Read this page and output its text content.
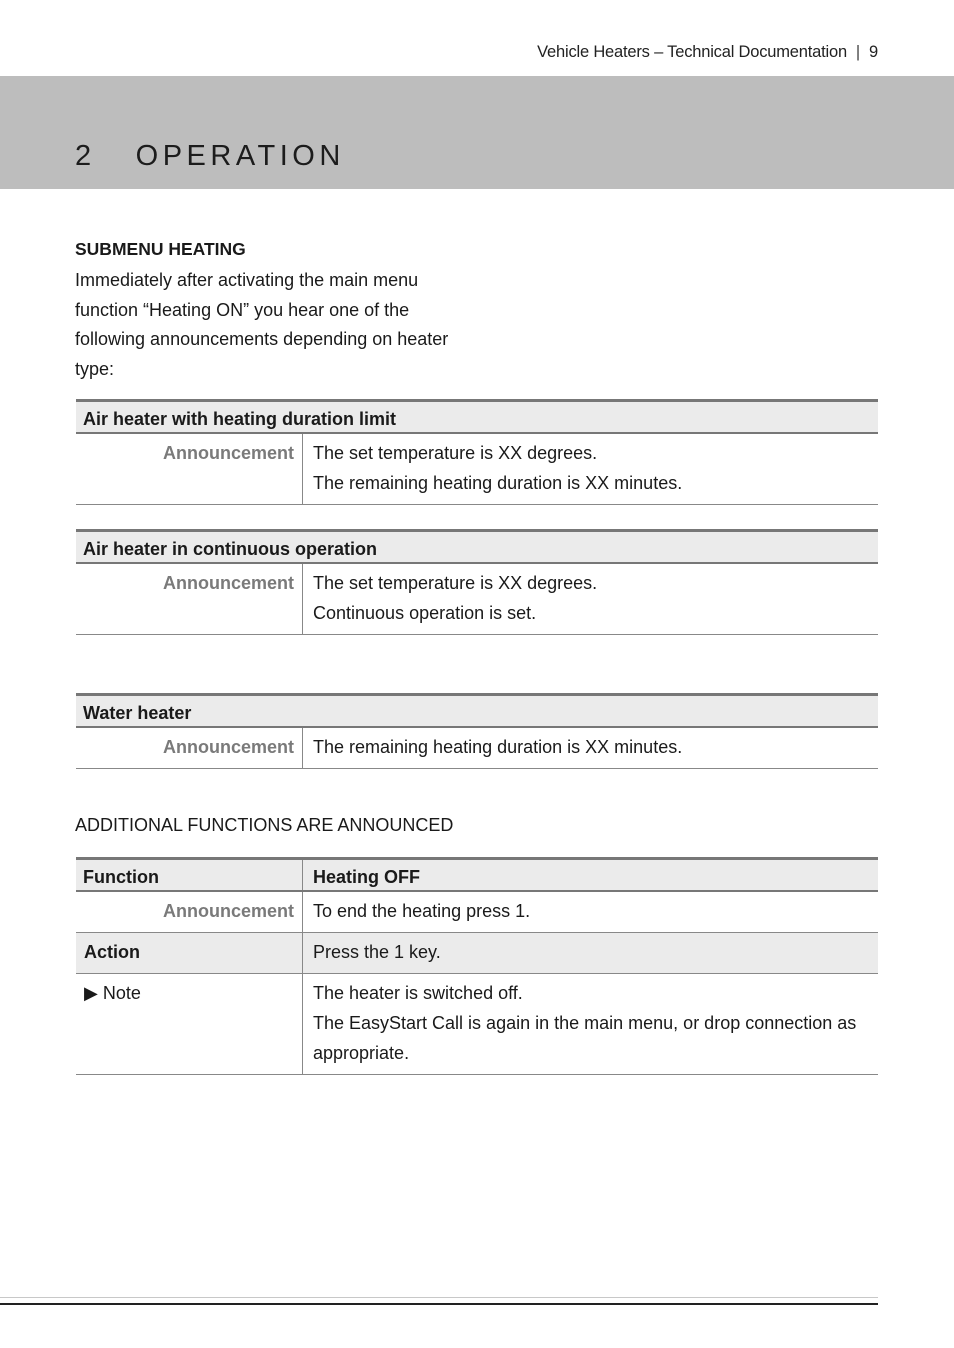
Vehicle Heaters – Technical Documentation | 9
2 OPERATION
SUBMENU HEATING

Immediately after activating the main menu function “Heating ON” you hear one of the following announcements depending on heater type:

Air heater with heating duration limit
Announcement	The set temperature is XX degrees.
The remaining heating duration is XX minutes.
Air heater in continuous operation
Announcement	The set temperature is XX degrees.
Continuous operation is set.
Water heater
Announcement	The remaining heating duration is XX minutes.
ADDITIONAL FUNCTIONS ARE ANNOUNCED
Function	Heating OFF
Announcement	To end the heating press 1.
Action	Press the 1 key.
▶ Note	The heater is switched off.
The EasyStart Call is again in the main menu, or drop connection as appropriate.
